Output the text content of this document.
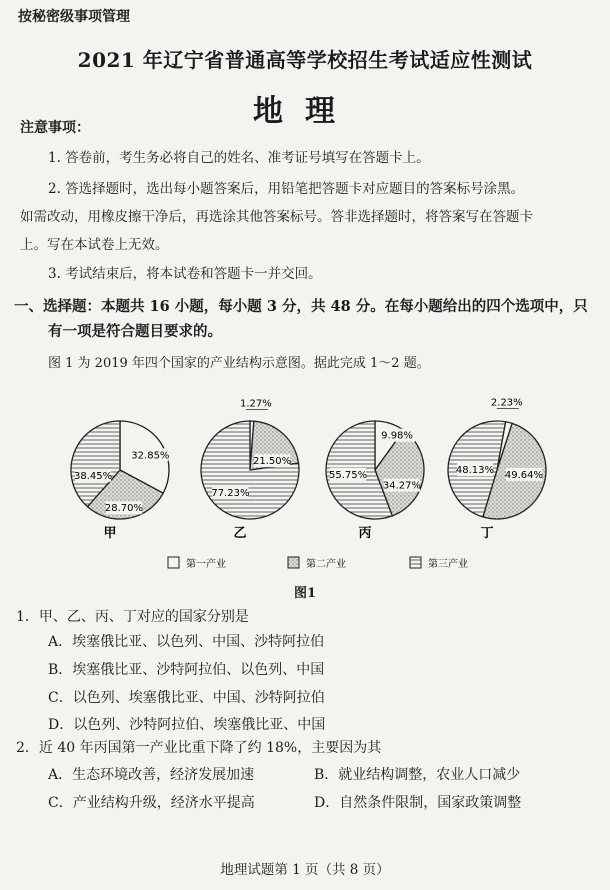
按秘密级事项管理
2021 年辽宁省普通高等学校招生考试适应性测试
地理
注意事项：
1. 答卷前，考生务必将自己的姓名、准考证号填写在答题卡上。
2. 答选择题时，选出每小题答案后，用铅笔把答题卡对应题目的答案标号涂黑。
如需改动，用橡皮擦干净后，再选涂其他答案标号。答非选择题时，将答案写在答题卡
上。写在本试卷上无效。
3. 考试结束后，将本试卷和答题卡一并交回。
一、选择题：本题共 16 小题，每小题 3 分，共 48 分。在每小题给出的四个选项中，只
有一项是符合题目要求的。
图 1 为 2019 年四个国家的产业结构示意图。据此完成 1～2 题。
32.85%
28.70%
38.45%
甲
1.27%
21.50%
77.23%
乙
9.98%
34.27%
55.75%
丙
2.23%
49.64%
48.13%
丁
第一产业	第二产业	第三产业
图1
1．甲、乙、丙、丁对应的国家分别是
A．埃塞俄比亚、以色列、中国、沙特阿拉伯
B．埃塞俄比亚、沙特阿拉伯、以色列、中国
C．以色列、埃塞俄比亚、中国、沙特阿拉伯
D．以色列、沙特阿拉伯、埃塞俄比亚、中国
2．近 40 年丙国第一产业比重下降了约 18%，主要因为其
A．生态环境改善，经济发展加速	B．就业结构调整，农业人口减少
C．产业结构升级，经济水平提高	D．自然条件限制，国家政策调整
地理试题第 1 页（共 8 页）
